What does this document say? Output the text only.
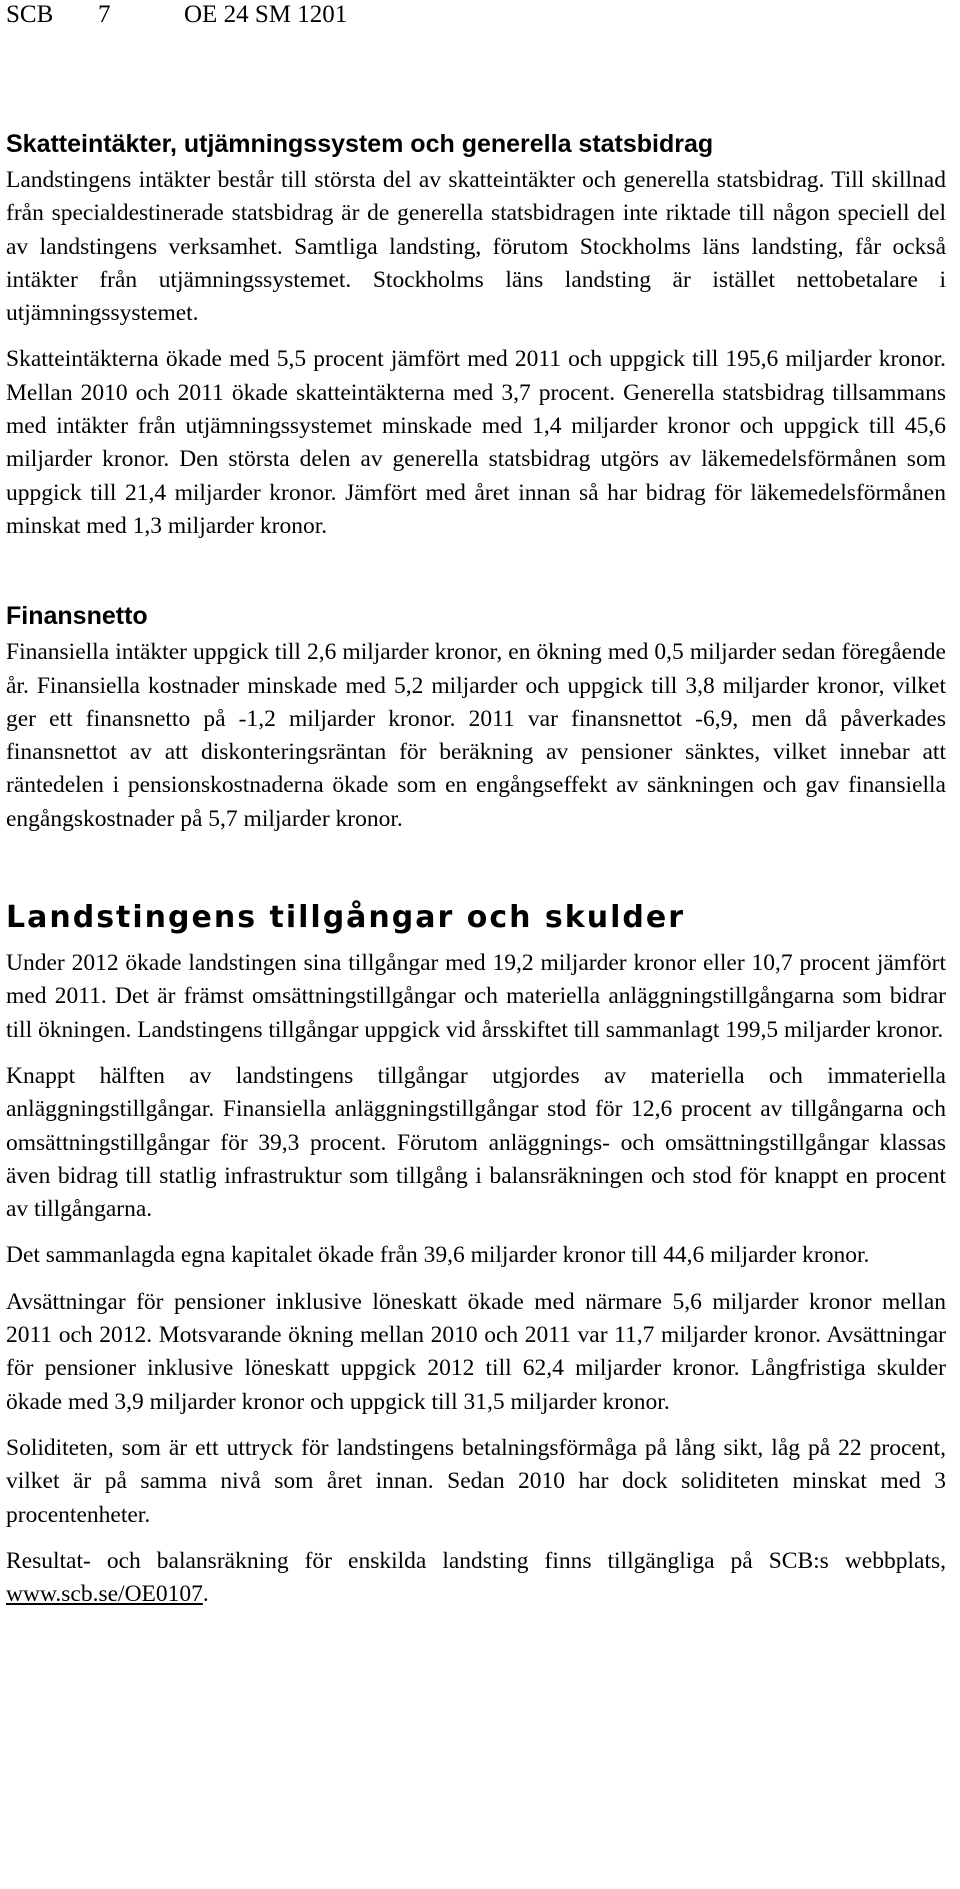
SCB 7	OE 24 SM 1201
Skatteintäkter, utjämningssystem och generella statsbidrag

Landstingens intäkter består till största del av skatteintäkter och generella statsbidrag. Till skillnad från specialdestinerade statsbidrag är de generella statsbidragen inte riktade till någon speciell del av landstingens verksamhet. Samtliga landsting, förutom Stockholms läns landsting, får också intäkter från utjämningssystemet. Stockholms läns landsting är istället nettobetalare i utjämningssystemet.

Skatteintäkterna ökade med 5,5 procent jämfört med 2011 och uppgick till 195,6 miljarder kronor. Mellan 2010 och 2011 ökade skatteintäkterna med 3,7 procent. Generella statsbidrag tillsammans med intäkter från utjämningssystemet minskade med 1,4 miljarder kronor och uppgick till 45,6 miljarder kronor. Den största delen av generella statsbidrag utgörs av läkemedelsförmånen som uppgick till 21,4 miljarder kronor. Jämfört med året innan så har bidrag för läkemedelsförmånen minskat med 1,3 miljarder kronor.

Finansnetto

Finansiella intäkter uppgick till 2,6 miljarder kronor, en ökning med 0,5 miljarder sedan föregående år. Finansiella kostnader minskade med 5,2 miljarder och uppgick till 3,8 miljarder kronor, vilket ger ett finansnetto på -1,2 miljarder kronor. 2011 var finansnettot -6,9, men då påverkades finansnettot av att diskonteringsräntan för beräkning av pensioner sänktes, vilket innebar att räntedelen i pensionskostnaderna ökade som en engångseffekt av sänkningen och gav finansiella engångskostnader på 5,7 miljarder kronor.

Landstingens tillgångar och skulder

Under 2012 ökade landstingen sina tillgångar med 19,2 miljarder kronor eller 10,7 procent jämfört med 2011. Det är främst omsättningstillgångar och materiella anläggningstillgångarna som bidrar till ökningen. Landstingens tillgångar uppgick vid årsskiftet till sammanlagt 199,5 miljarder kronor.

Knappt hälften av landstingens tillgångar utgjordes av materiella och immateriella anläggningstillgångar. Finansiella anläggningstillgångar stod för 12,6 procent av tillgångarna och omsättningstillgångar för 39,3 procent. Förutom anläggnings- och omsättningstillgångar klassas även bidrag till statlig infrastruktur som tillgång i balansräkningen och stod för knappt en procent av tillgångarna.

Det sammanlagda egna kapitalet ökade från 39,6 miljarder kronor till 44,6 miljarder kronor.

Avsättningar för pensioner inklusive löneskatt ökade med närmare 5,6 miljarder kronor mellan 2011 och 2012. Motsvarande ökning mellan 2010 och 2011 var 11,7 miljarder kronor. Avsättningar för pensioner inklusive löneskatt uppgick 2012 till 62,4 miljarder kronor. Långfristiga skulder ökade med 3,9 miljarder kronor och uppgick till 31,5 miljarder kronor.

Soliditeten, som är ett uttryck för landstingens betalningsförmåga på lång sikt, låg på 22 procent, vilket är på samma nivå som året innan. Sedan 2010 har dock soliditeten minskat med 3 procentenheter.

Resultat- och balansräkning för enskilda landsting finns tillgängliga på SCB:s webbplats, www.scb.se/OE0107.
